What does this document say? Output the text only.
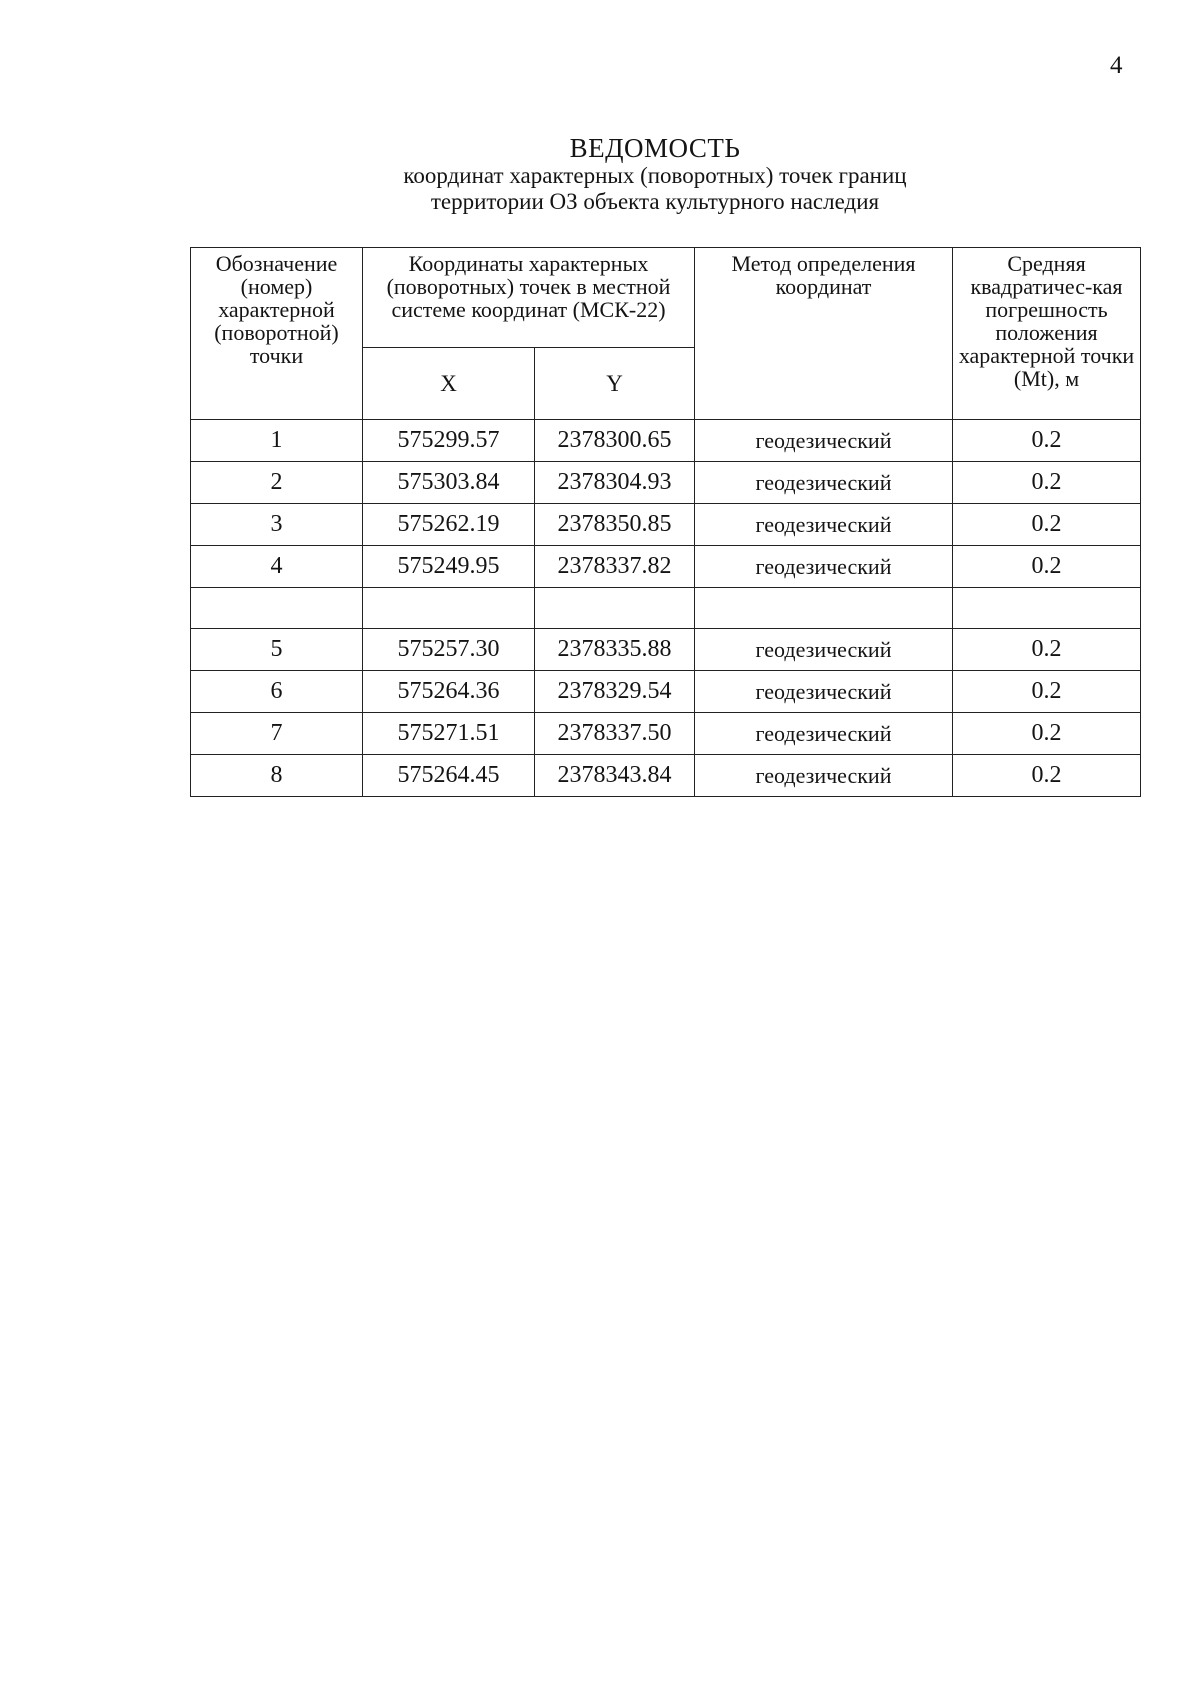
4
ВЕДОМОСТЬ
координат характерных (поворотных) точек границ
территории ОЗ объекта культурного наследия
Обозначение (номер) характерной (поворотной) точки	Координаты характерных (поворотных) точек в местной системе координат (МСК-22)		Метод определения координат	Средняя квадратичес-кая погрешность положения характерной точки (Mt), м
	X	Y		
1	575299.57	2378300.65	геодезический	0.2
2	575303.84	2378304.93	геодезический	0.2
3	575262.19	2378350.85	геодезический	0.2
4	575249.95	2378337.82	геодезический	0.2

5	575257.30	2378335.88	геодезический	0.2
6	575264.36	2378329.54	геодезический	0.2
7	575271.51	2378337.50	геодезический	0.2
8	575264.45	2378343.84	геодезический	0.2
